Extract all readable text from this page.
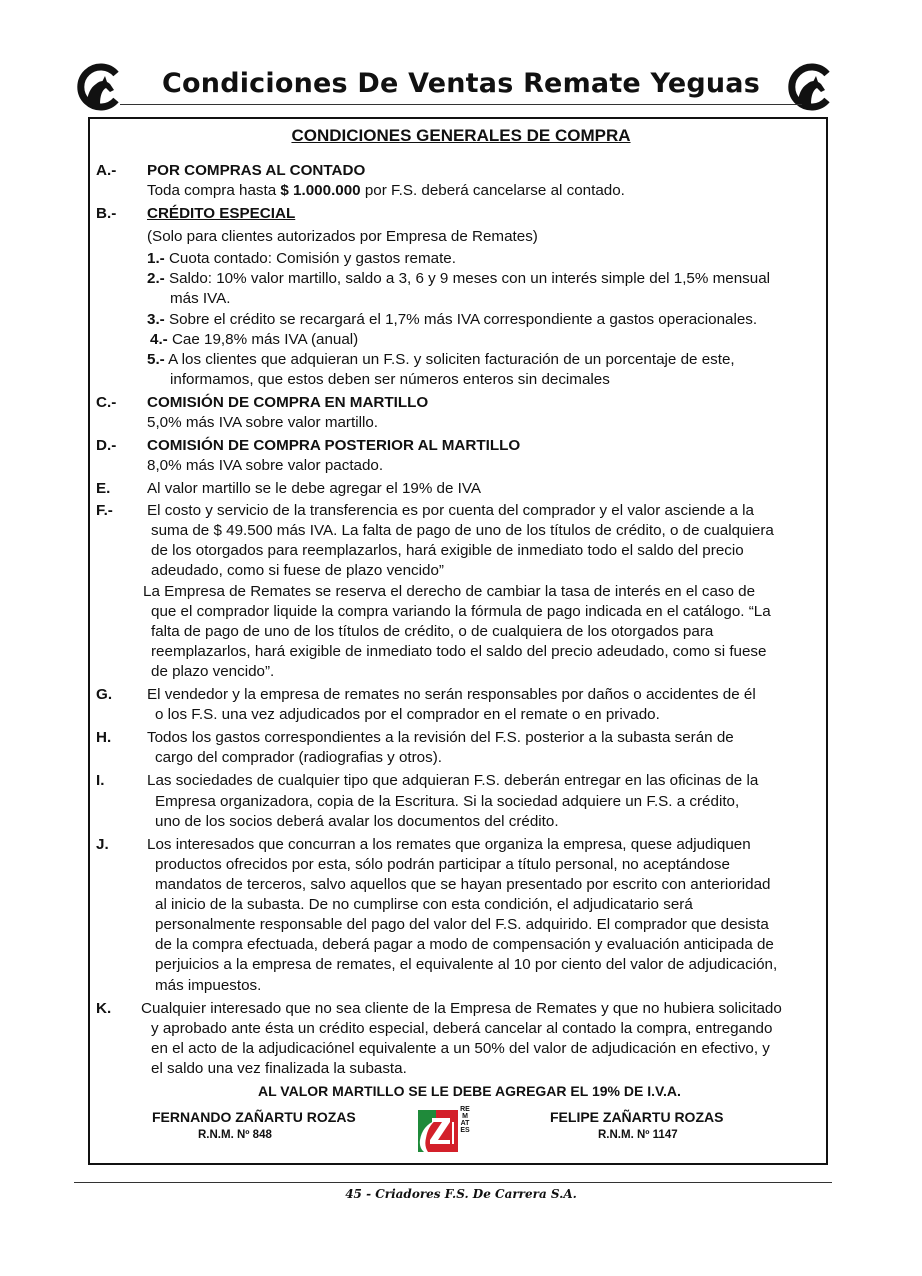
Condiciones De Ventas Remate Yeguas
CONDICIONES GENERALES DE COMPRA
A.- POR COMPRAS AL CONTADO
Toda compra hasta $ 1.000.000 por F.S. deberá cancelarse al contado.
B.- CRÉDITO ESPECIAL
(Solo para clientes autorizados por Empresa de Remates)
1.- Cuota contado: Comisión y gastos remate.
2.- Saldo: 10% valor martillo, saldo a 3, 6 y 9 meses con un interés simple del 1,5% mensual
más IVA.
3.- Sobre el crédito se recargará el 1,7% más IVA correspondiente a gastos operacionales.
4.- Cae 19,8% más IVA (anual)
5.- A los clientes que adquieran un F.S. y soliciten facturación de un porcentaje de este,
informamos, que estos deben ser números enteros sin decimales
C.- COMISIÓN DE COMPRA EN MARTILLO
5,0% más IVA sobre valor martillo.
D.- COMISIÓN DE COMPRA POSTERIOR AL MARTILLO
8,0% más IVA sobre valor pactado.
E. Al valor martillo se le debe agregar el 19% de IVA
F.- El costo y servicio de la transferencia es por cuenta del comprador y el valor asciende a la
suma de $ 49.500 más IVA. La falta de pago de uno de los títulos de crédito, o de cualquiera
de los otorgados para reemplazarlos, hará exigible de inmediato todo el saldo del precio
adeudado, como si fuese de plazo vencido”
La Empresa de Remates se reserva el derecho de cambiar la tasa de interés en el caso de
que el comprador liquide la compra variando la fórmula de pago indicada en el catálogo. “La
falta de pago de uno de los títulos de crédito, o de cualquiera de los otorgados para
reemplazarlos, hará exigible de inmediato todo el saldo del precio adeudado, como si fuese
de plazo vencido”.
G. El vendedor y la empresa de remates no serán responsables por daños o accidentes de él
o los F.S. una vez adjudicados por el comprador en el remate o en privado.
H. Todos los gastos correspondientes a la revisión del F.S. posterior a la subasta serán de
cargo del comprador (radiografias y otros).
I.	Las sociedades de cualquier tipo que adquieran F.S. deberán entregar en las oficinas de la
Empresa organizadora, copia de la Escritura. Si la sociedad adquiere un F.S. a crédito,
uno de los socios deberá avalar los documentos del crédito.
J.	Los interesados que concurran a los remates que organiza la empresa, quese adjudiquen
productos ofrecidos por esta, sólo podrán participar a título personal, no aceptándose
mandatos de terceros, salvo aquellos que se hayan presentado por escrito con anterioridad
al inicio de la subasta. De no cumplirse con esta condición, el adjudicatario será
personalmente responsable del pago del valor del F.S. adquirido. El comprador que desista
de la compra efectuada, deberá pagar a modo de compensación y evaluación anticipada de
perjuicios a la empresa de remates, el equivalente al 10 por ciento del valor de adjudicación,
más impuestos.
K. Cualquier interesado que no sea cliente de la Empresa de Remates y que no hubiera solicitado
y aprobado ante ésta un crédito especial, deberá cancelar al contado la compra, entregando
en el acto de la adjudicaciónel equivalente a un 50% del valor de adjudicación en efectivo, y
el saldo una vez finalizada la subasta.
AL VALOR MARTILLO SE LE DEBE AGREGAR EL 19% DE I.V.A.
FERNANDO ZAÑARTU ROZAS
R.N.M. Nº 848
REMATES
FELIPE ZAÑARTU ROZAS
R.N.M. Nº 1147
45 - Criadores F.S. De Carrera S.A.
